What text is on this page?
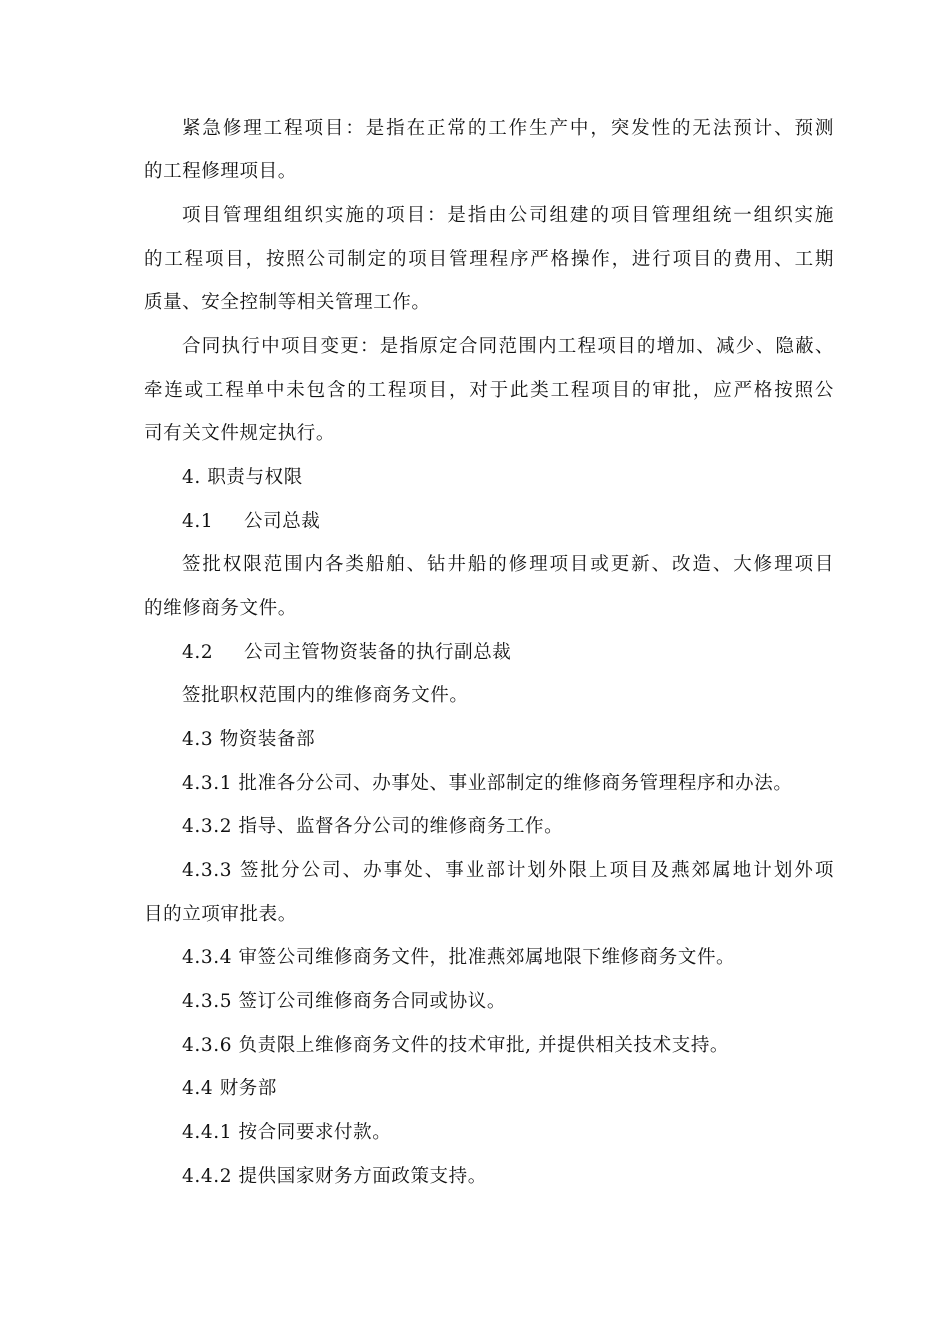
紧急修理工程项目：是指在正常的工作生产中，突发性的无法预计、预测
的工程修理项目。
项目管理组组织实施的项目：是指由公司组建的项目管理组统一组织实施
的工程项目，按照公司制定的项目管理程序严格操作，进行项目的费用、工期
质量、安全控制等相关管理工作。
合同执行中项目变更：是指原定合同范围内工程项目的增加、减少、隐蔽、
牵连或工程单中未包含的工程项目，对于此类工程项目的审批，应严格按照公
司有关文件规定执行。
4. 职责与权限
4.1 公司总裁
签批权限范围内各类船舶、钻井船的修理项目或更新、改造、大修理项目
的维修商务文件。
4.2 公司主管物资装备的执行副总裁
签批职权范围内的维修商务文件。
4.3 物资装备部
4.3.1 批准各分公司、办事处、事业部制定的维修商务管理程序和办法。
4.3.2 指导、监督各分公司的维修商务工作。
4.3.3 签批分公司、办事处、事业部计划外限上项目及燕郊属地计划外项
目的立项审批表。
4.3.4 审签公司维修商务文件，批准燕郊属地限下维修商务文件。
4.3.5 签订公司维修商务合同或协议。
4.3.6 负责限上维修商务文件的技术审批, 并提供相关技术支持。
4.4 财务部
4.4.1 按合同要求付款。
4.4.2 提供国家财务方面政策支持。
